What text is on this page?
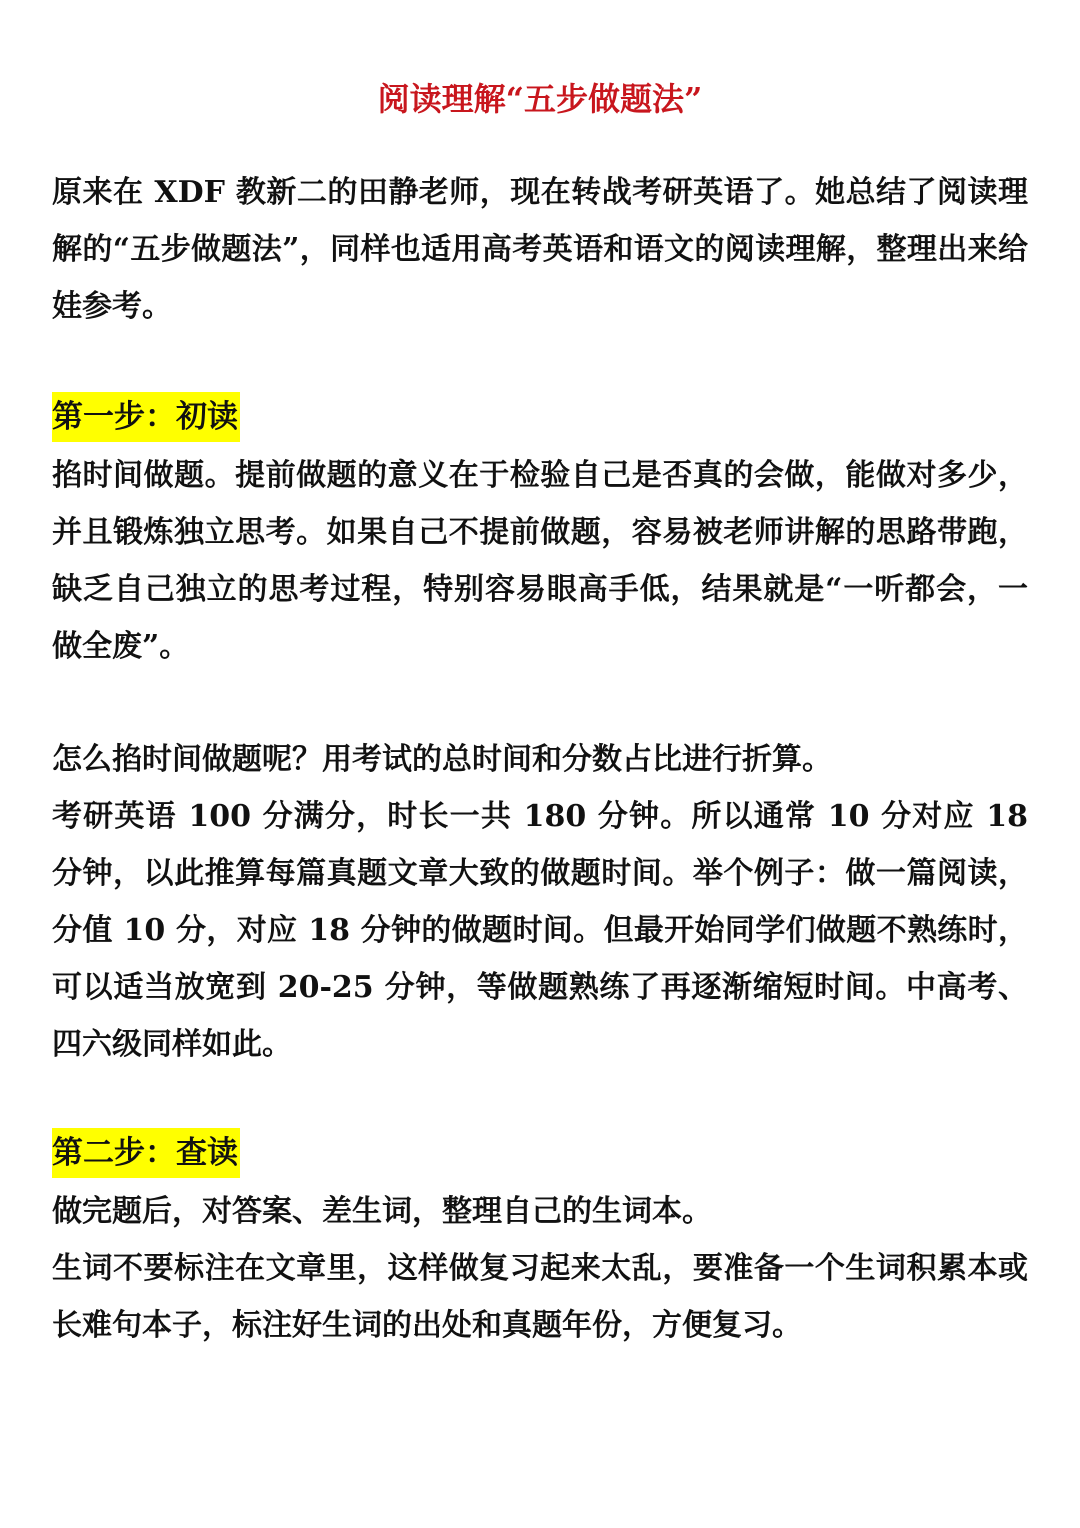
阅读理解“五步做题法”

原来在 XDF 教新二的田静老师，现在转战考研英语了。她总结了阅读理解的“五步做题法”，同样也适用高考英语和语文的阅读理解，整理出来给娃参考。

第一步：初读

掐时间做题。提前做题的意义在于检验自己是否真的会做，能做对多少，并且锻炼独立思考。如果自己不提前做题，容易被老师讲解的思路带跑，缺乏自己独立的思考过程，特别容易眼高手低，结果就是“一听都会，一做全废”。

怎么掐时间做题呢？用考试的总时间和分数占比进行折算。

考研英语 100 分满分，时长一共 180 分钟。所以通常 10 分对应 18 分钟，以此推算每篇真题文章大致的做题时间。举个例子：做一篇阅读，分值 10 分，对应 18 分钟的做题时间。但最开始同学们做题不熟练时，可以适当放宽到 20-25 分钟，等做题熟练了再逐渐缩短时间。中高考、四六级同样如此。

第二步：查读

做完题后，对答案、差生词，整理自己的生词本。

生词不要标注在文章里，这样做复习起来太乱，要准备一个生词积累本或长难句本子，标注好生词的出处和真题年份，方便复习。
